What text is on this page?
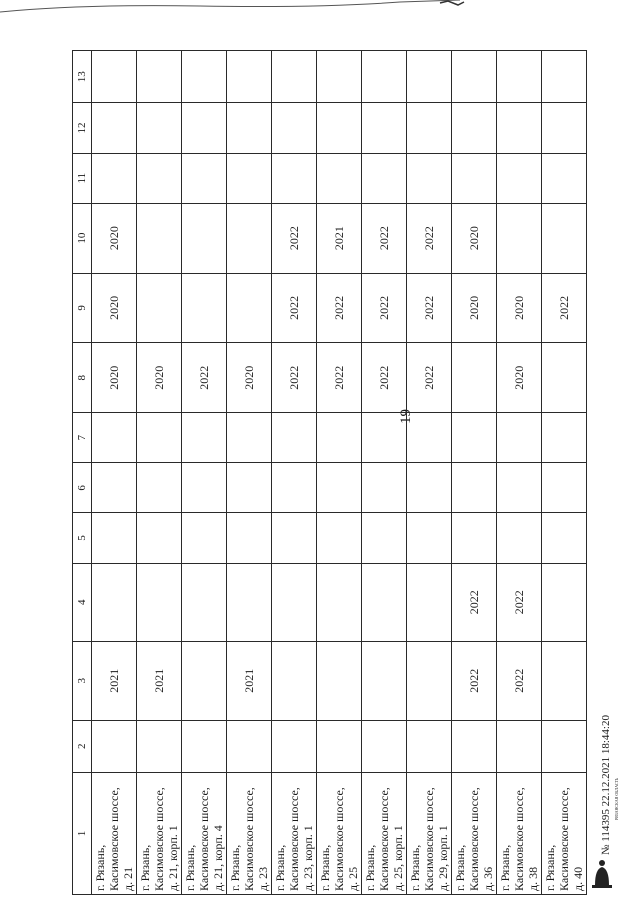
19
1	2	3	4	5	6	7	8	9	10	11	12	13
г. Рязань,
Касимовское шоссе,
д. 21		2021					2020	2020	2020			
г. Рязань,
Касимовское шоссе,
д. 21, корп. 1		2021					2020					
г. Рязань,
Касимовское шоссе,
д. 21, корп. 4							2022					
г. Рязань,
Касимовское шоссе,
д. 23		2021					2020					
г. Рязань,
Касимовское шоссе,
д. 23, корп. 1							2022	2022	2022			
г. Рязань,
Касимовское шоссе,
д. 25							2022	2022	2021			
г. Рязань,
Касимовское шоссе,
д. 25, корп. 1							2022	2022	2022			
г. Рязань,
Касимовское шоссе,
д. 29, корп. 1							2022	2022	2022			
г. Рязань,
Касимовское шоссе,
д. 36		2022	2022					2020	2020			
г. Рязань,
Касимовское шоссе,
д. 38		2022	2022				2020	2020				
г. Рязань,
Касимовское шоссе,
д. 40								2022				
РЯЗАНСКАЯ ОБЛАСТЬ
№ 114395 22.12.2021 18:44:20
